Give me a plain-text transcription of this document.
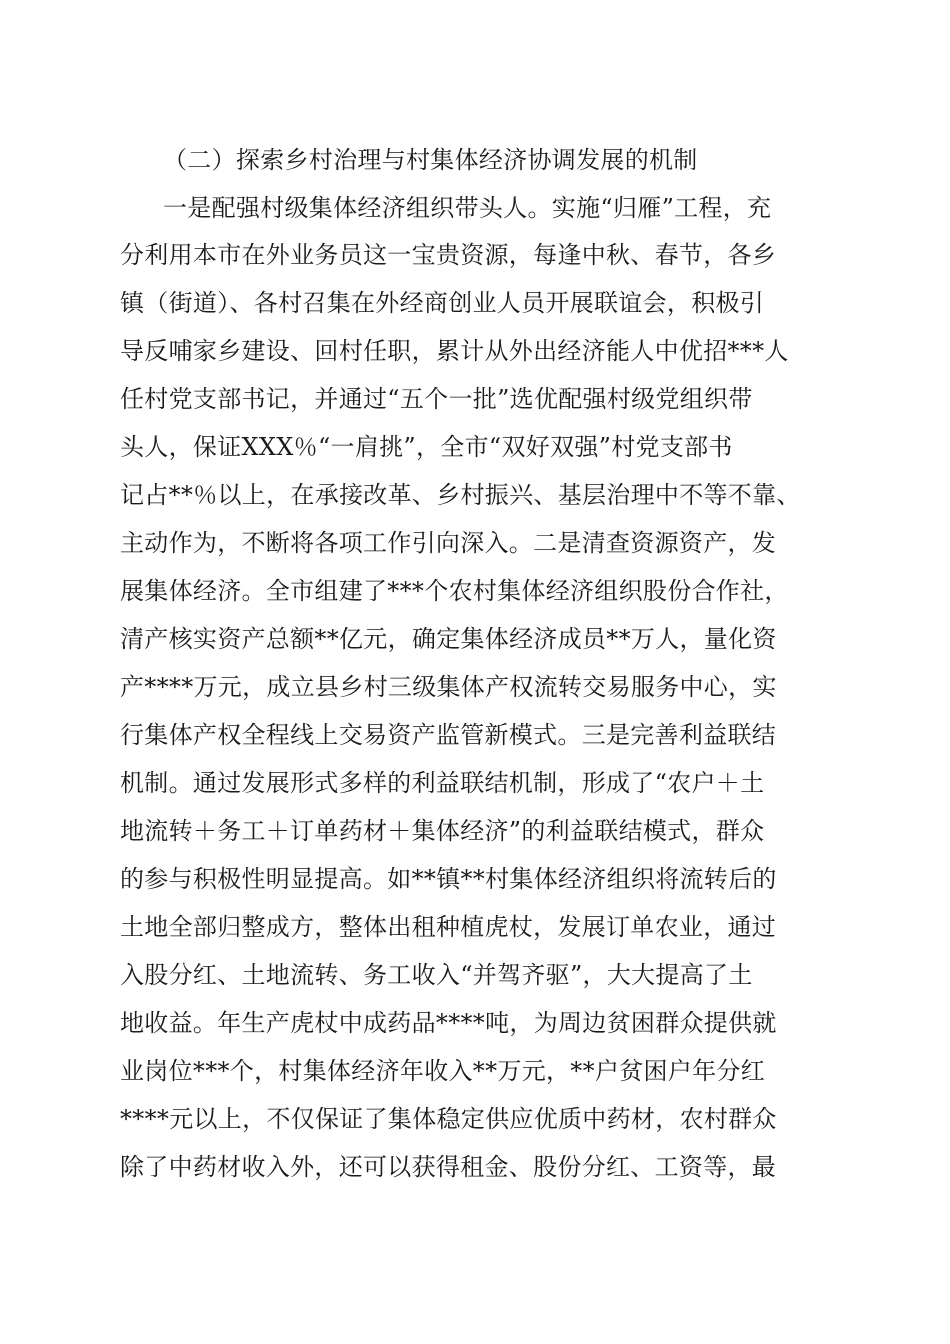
（二）探索乡村治理与村集体经济协调发展的机制
一是配强村级集体经济组织带头人。实施“归雁”工程，充
分利用本市在外业务员这一宝贵资源，每逢中秋、春节，各乡
镇（街道）、各村召集在外经商创业人员开展联谊会，积极引
导反哺家乡建设、回村任职，累计从外出经济能人中优招***人
任村党支部书记，并通过“五个一批”选优配强村级党组织带
头人，保证XXX％“一肩挑”，全市“双好双强”村党支部书
记占**％以上，在承接改革、乡村振兴、基层治理中不等不靠、
主动作为，不断将各项工作引向深入。二是清查资源资产，发
展集体经济。全市组建了***个农村集体经济组织股份合作社，
清产核实资产总额**亿元，确定集体经济成员**万人，量化资
产****万元，成立县乡村三级集体产权流转交易服务中心，实
行集体产权全程线上交易资产监管新模式。三是完善利益联结
机制。通过发展形式多样的利益联结机制，形成了“农户＋土
地流转＋务工＋订单药材＋集体经济”的利益联结模式，群众
的参与积极性明显提高。如**镇**村集体经济组织将流转后的
土地全部归整成方，整体出租种植虎杖，发展订单农业，通过
入股分红、土地流转、务工收入“并驾齐驱”，大大提高了土
地收益。年生产虎杖中成药品****吨，为周边贫困群众提供就
业岗位***个，村集体经济年收入**万元，**户贫困户年分红
****元以上，不仅保证了集体稳定供应优质中药材，农村群众
除了中药材收入外，还可以获得租金、股份分红、工资等，最
